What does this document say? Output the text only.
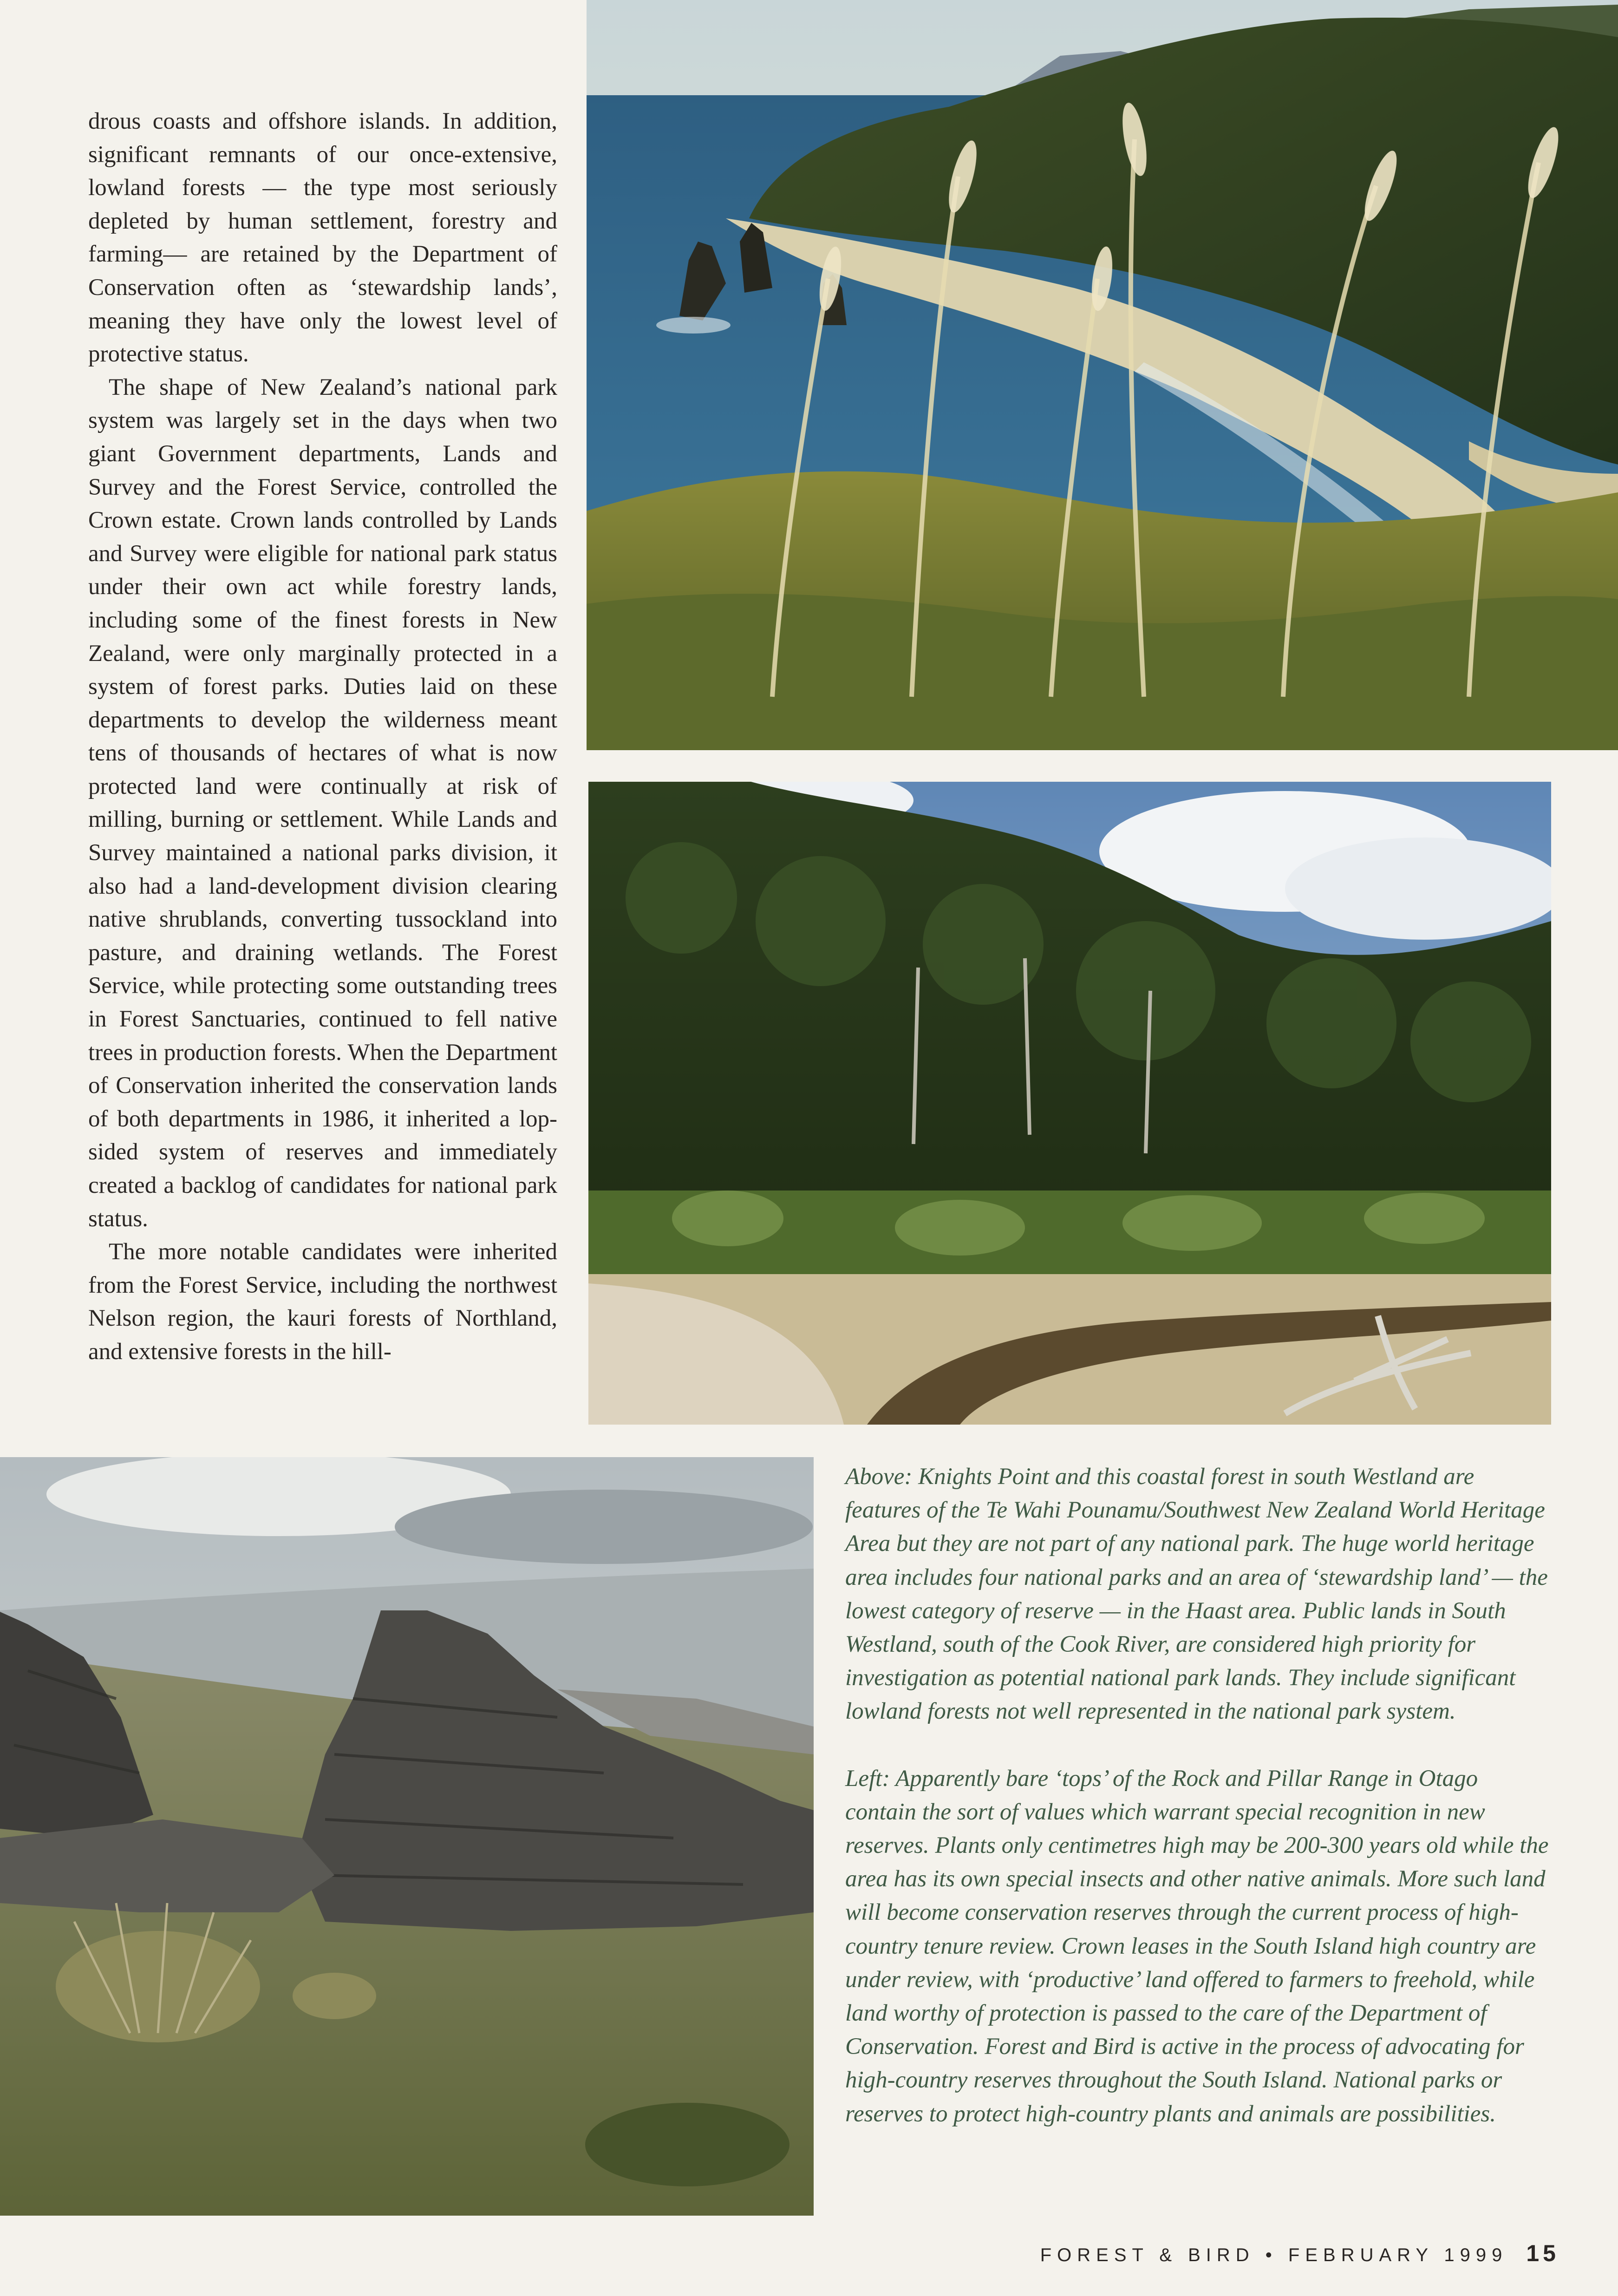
drous coasts and offshore islands. In addition, significant remnants of our once-extensive, lowland forests — the type most seriously depleted by human settlement, forestry and farming— are retained by the Department of Conservation often as ‘stewardship lands’, meaning they have only the lowest level of protective status.

The shape of New Zealand’s national park system was largely set in the days when two giant Government departments, Lands and Survey and the Forest Service, controlled the Crown estate. Crown lands controlled by Lands and Survey were eligible for national park status under their own act while forestry lands, including some of the finest forests in New Zealand, were only marginally protected in a system of forest parks. Duties laid on these departments to develop the wilderness meant tens of thousands of hectares of what is now protected land were continually at risk of milling, burning or settlement. While Lands and Survey maintained a national parks division, it also had a land-development division clearing native shrublands, converting tussockland into pasture, and draining wetlands. The Forest Service, while protecting some outstanding trees in Forest Sanctuaries, continued to fell native trees in production forests. When the Department of Conservation inherited the conservation lands of both departments in 1986, it inherited a lop-sided system of reserves and immediately created a backlog of candidates for national park status.

The more notable candidates were inherited from the Forest Service, including the northwest Nelson region, the kauri forests of Northland, and extensive forests in the hill-

Above: Knights Point and this coastal forest in south Westland are features of the Te Wahi Pounamu/Southwest New Zealand World Heritage Area but they are not part of any national park. The huge world heritage area includes four national parks and an area of ‘stewardship land’ — the lowest category of reserve — in the Haast area. Public lands in South Westland, south of the Cook River, are considered high priority for investigation as potential national park lands. They include significant lowland forests not well represented in the national park system.

Left: Apparently bare ‘tops’ of the Rock and Pillar Range in Otago contain the sort of values which warrant special recognition in new reserves. Plants only centimetres high may be 200-300 years old while the area has its own special insects and other native animals. More such land will become conservation reserves through the current process of high-country tenure review. Crown leases in the South Island high country are under review, with ‘productive’ land offered to farmers to freehold, while land worthy of protection is passed to the care of the Department of Conservation. Forest and Bird is active in the process of advocating for high-country reserves throughout the South Island. National parks or reserves to protect high-country plants and animals are possibilities.

FOREST & BIRD • FEBRUARY 1999 15
